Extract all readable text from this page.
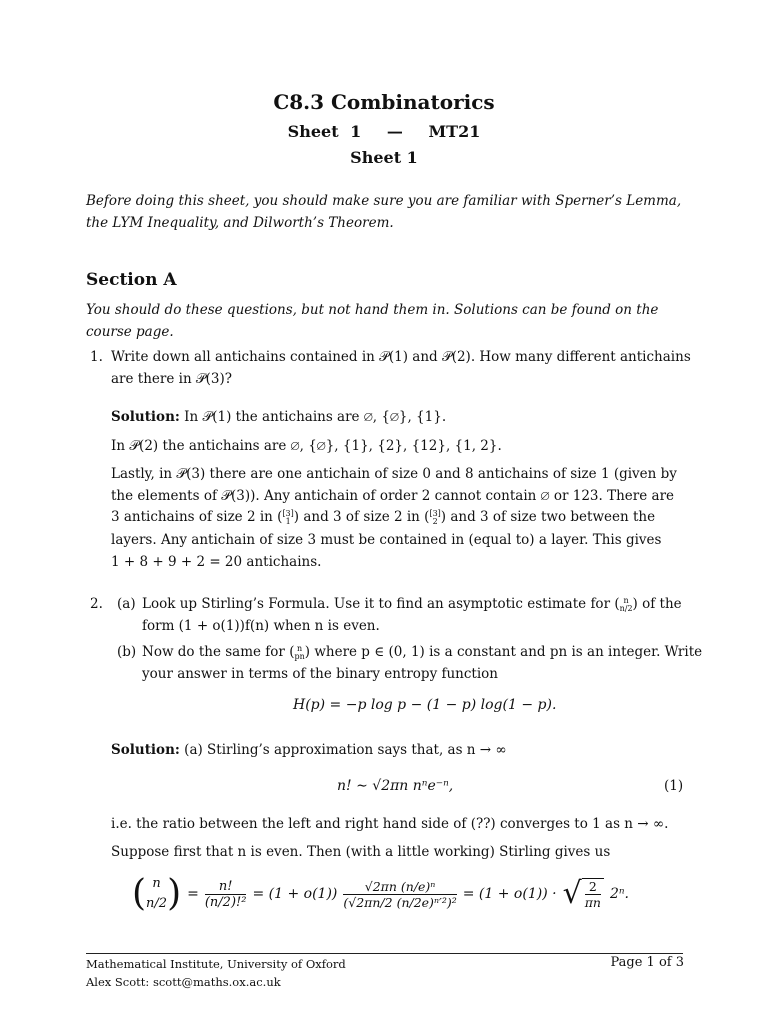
C8.3 Combinatorics
Sheet 1 — MT21
Sheet 1
Before doing this sheet, you should make sure you are familiar with Sperner’s Lemma, the LYM Inequality, and Dilworth’s Theorem.
Section A
You should do these questions, but not hand them in. Solutions can be found on the course page.
1. Write down all antichains contained in 𝒫(1) and 𝒫(2). How many different antichains
are there in 𝒫(3)?
Solution: In 𝒫(1) the antichains are ∅, {∅}, {1}.
In 𝒫(2) the antichains are ∅, {∅}, {1}, {2}, {12}, {1, 2}.
Lastly, in 𝒫(3) there are one antichain of size 0 and 8 antichains of size 1 (given by
the elements of 𝒫(3)). Any antichain of order 2 cannot contain ∅ or 123. There are
3 antichains of size 2 in ([3]
1 ) and 3 of size 2 in ([3]
2 ) and 3 of size two between the
layers. Any antichain of size 3 must be contained in (equal to) a layer. This gives
1 + 8 + 9 + 2 = 20 antichains.
2. (a) Look up Stirling’s Formula. Use it to find an asymptotic estimate for ( n
n/2) of the
form (1 + o(1))f(n) when n is even.
(b) Now do the same for ( n
pn) where p ∈ (0, 1) is a constant and pn is an integer. Write
your answer in terms of the binary entropy function
H(p) = −p log p − (1 − p) log(1 − p).
Solution: (a) Stirling’s approximation says that, as n → ∞
n! ∼ √2πn nⁿe⁻ⁿ,	(1)
i.e. the ratio between the left and right hand side of (??) converges to 1 as n → ∞.
Suppose first that n is even. Then (with a little working) Stirling gives us
( n
n/2 ) = $\frac{n!}{\text{(n/2)!²}} = (1 + o(1)) \frac{\text{√2πn (n/e)ⁿ}}{\text{(√2πn/2 (n/2e)ⁿ′²)²}} = (1 + o(1))$ · √ 2
πn
2ⁿ.
Mathematical Institute, University of Oxford
Alex Scott: scott@maths.ox.ac.uk
Page 1 of 3
